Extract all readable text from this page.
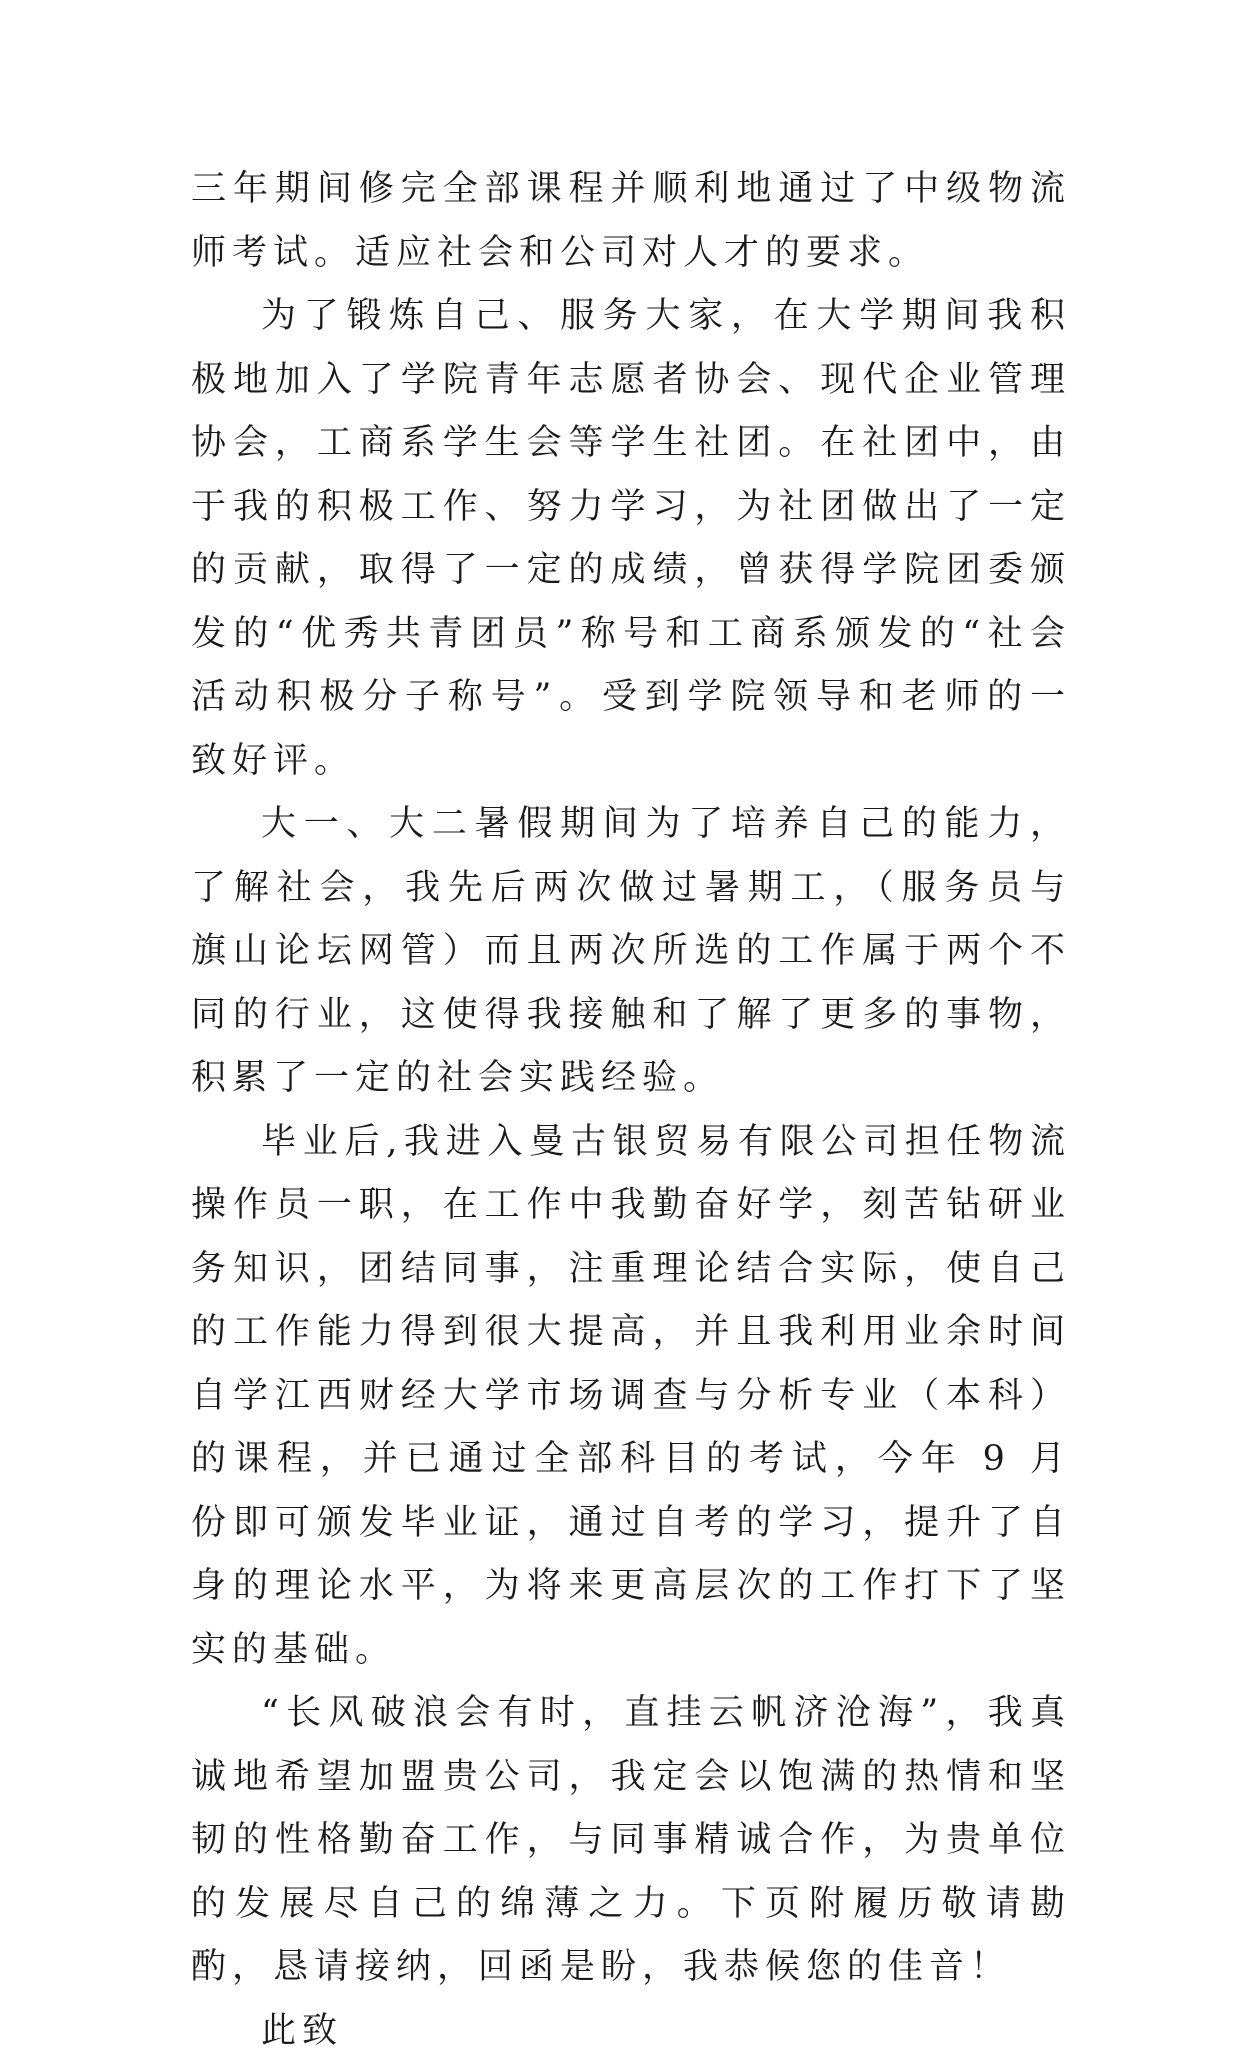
三年期间修完全部课程并顺利地通过了中级物流师考试。适应社会和公司对人才的要求。

为了锻炼自己、服务大家，在大学期间我积极地加入了学院青年志愿者协会、现代企业管理协会，工商系学生会等学生社团。在社团中，由于我的积极工作、努力学习，为社团做出了一定的贡献，取得了一定的成绩，曾获得学院团委颁发的“优秀共青团员”称号和工商系颁发的“社会活动积极分子称号”。受到学院领导和老师的一致好评。

大一、大二暑假期间为了培养自己的能力，了解社会，我先后两次做过暑期工，（服务员与旗山论坛网管）而且两次所选的工作属于两个不同的行业，这使得我接触和了解了更多的事物，积累了一定的社会实践经验。

毕业后,我进入曼古银贸易有限公司担任物流操作员一职，在工作中我勤奋好学，刻苦钻研业务知识，团结同事，注重理论结合实际，使自己的工作能力得到很大提高，并且我利用业余时间自学江西财经大学市场调查与分析专业（本科）的课程，并已通过全部科目的考试，今年 9 月份即可颁发毕业证，通过自考的学习，提升了自身的理论水平，为将来更高层次的工作打下了坚实的基础。

“长风破浪会有时，直挂云帆济沧海”，我真诚地希望加盟贵公司，我定会以饱满的热情和坚韧的性格勤奋工作，与同事精诚合作，为贵单位的发展尽自己的绵薄之力。下页附履历敬请勘酌，恳请接纳，回函是盼，我恭候您的佳音！

此致
